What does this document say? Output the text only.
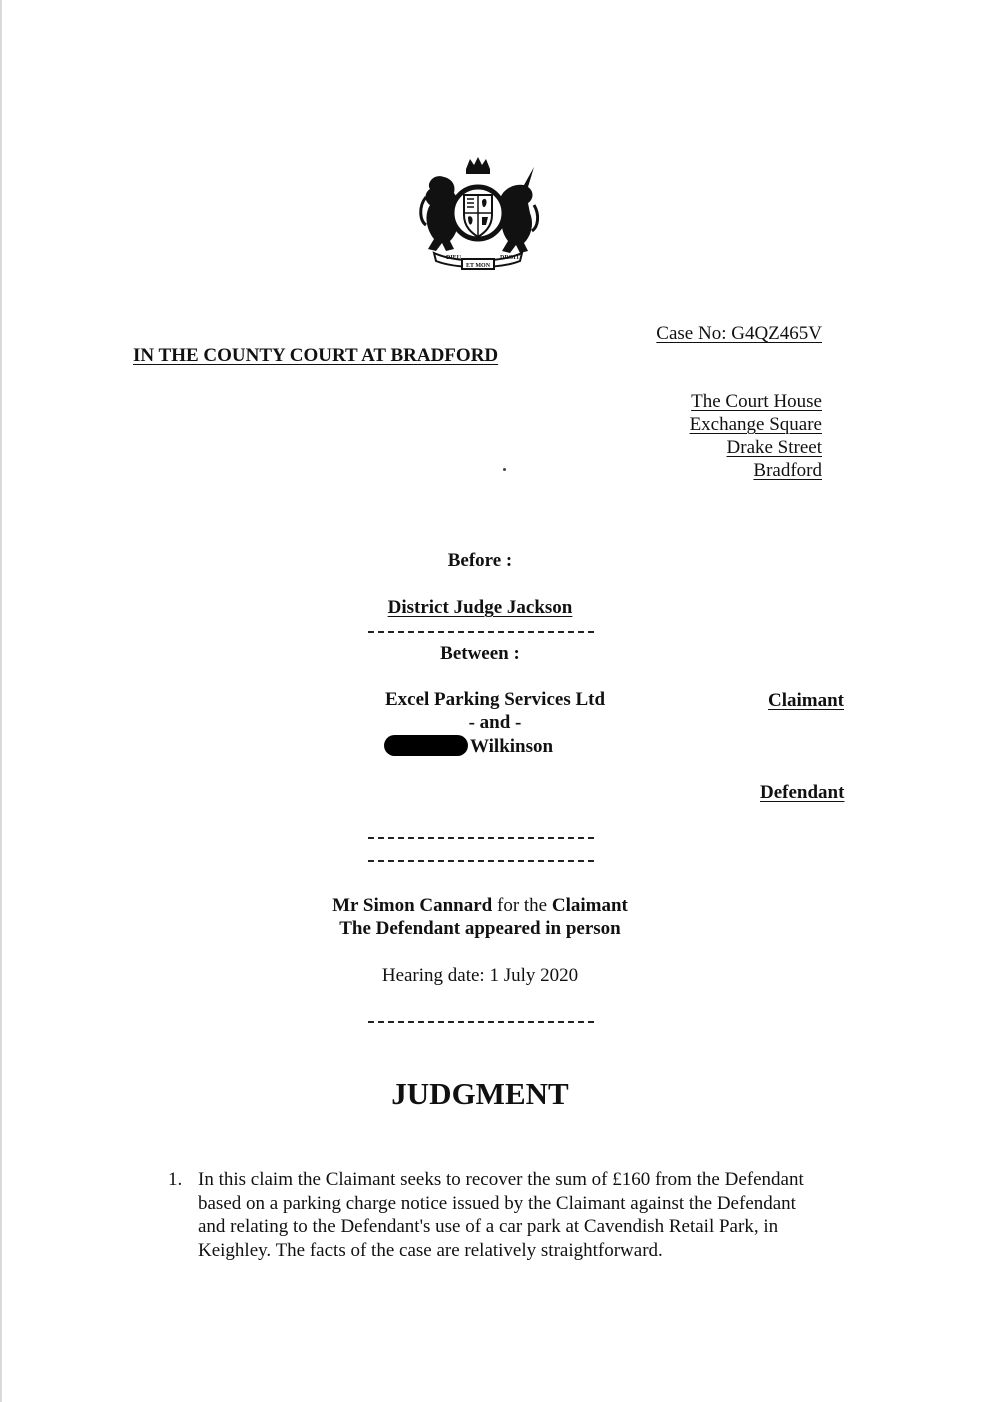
DIEU	DROIT
ET MON
Case No: G4QZ465V
IN THE COUNTY COURT AT BRADFORD
The Court House
Exchange Square
Drake Street
Bradford
Before :
District Judge Jackson
Between :
Excel Parking Services Ltd
- and -
Wilkinson
Claimant
Defendant
Mr Simon Cannard for the Claimant
The Defendant appeared in person
Hearing date: 1 July 2020
JUDGMENT
1. In this claim the Claimant seeks to recover the sum of £160 from the Defendant based on a parking charge notice issued by the Claimant against the Defendant and relating to the Defendant's use of a car park at Cavendish Retail Park, in Keighley. The facts of the case are relatively straightforward.
